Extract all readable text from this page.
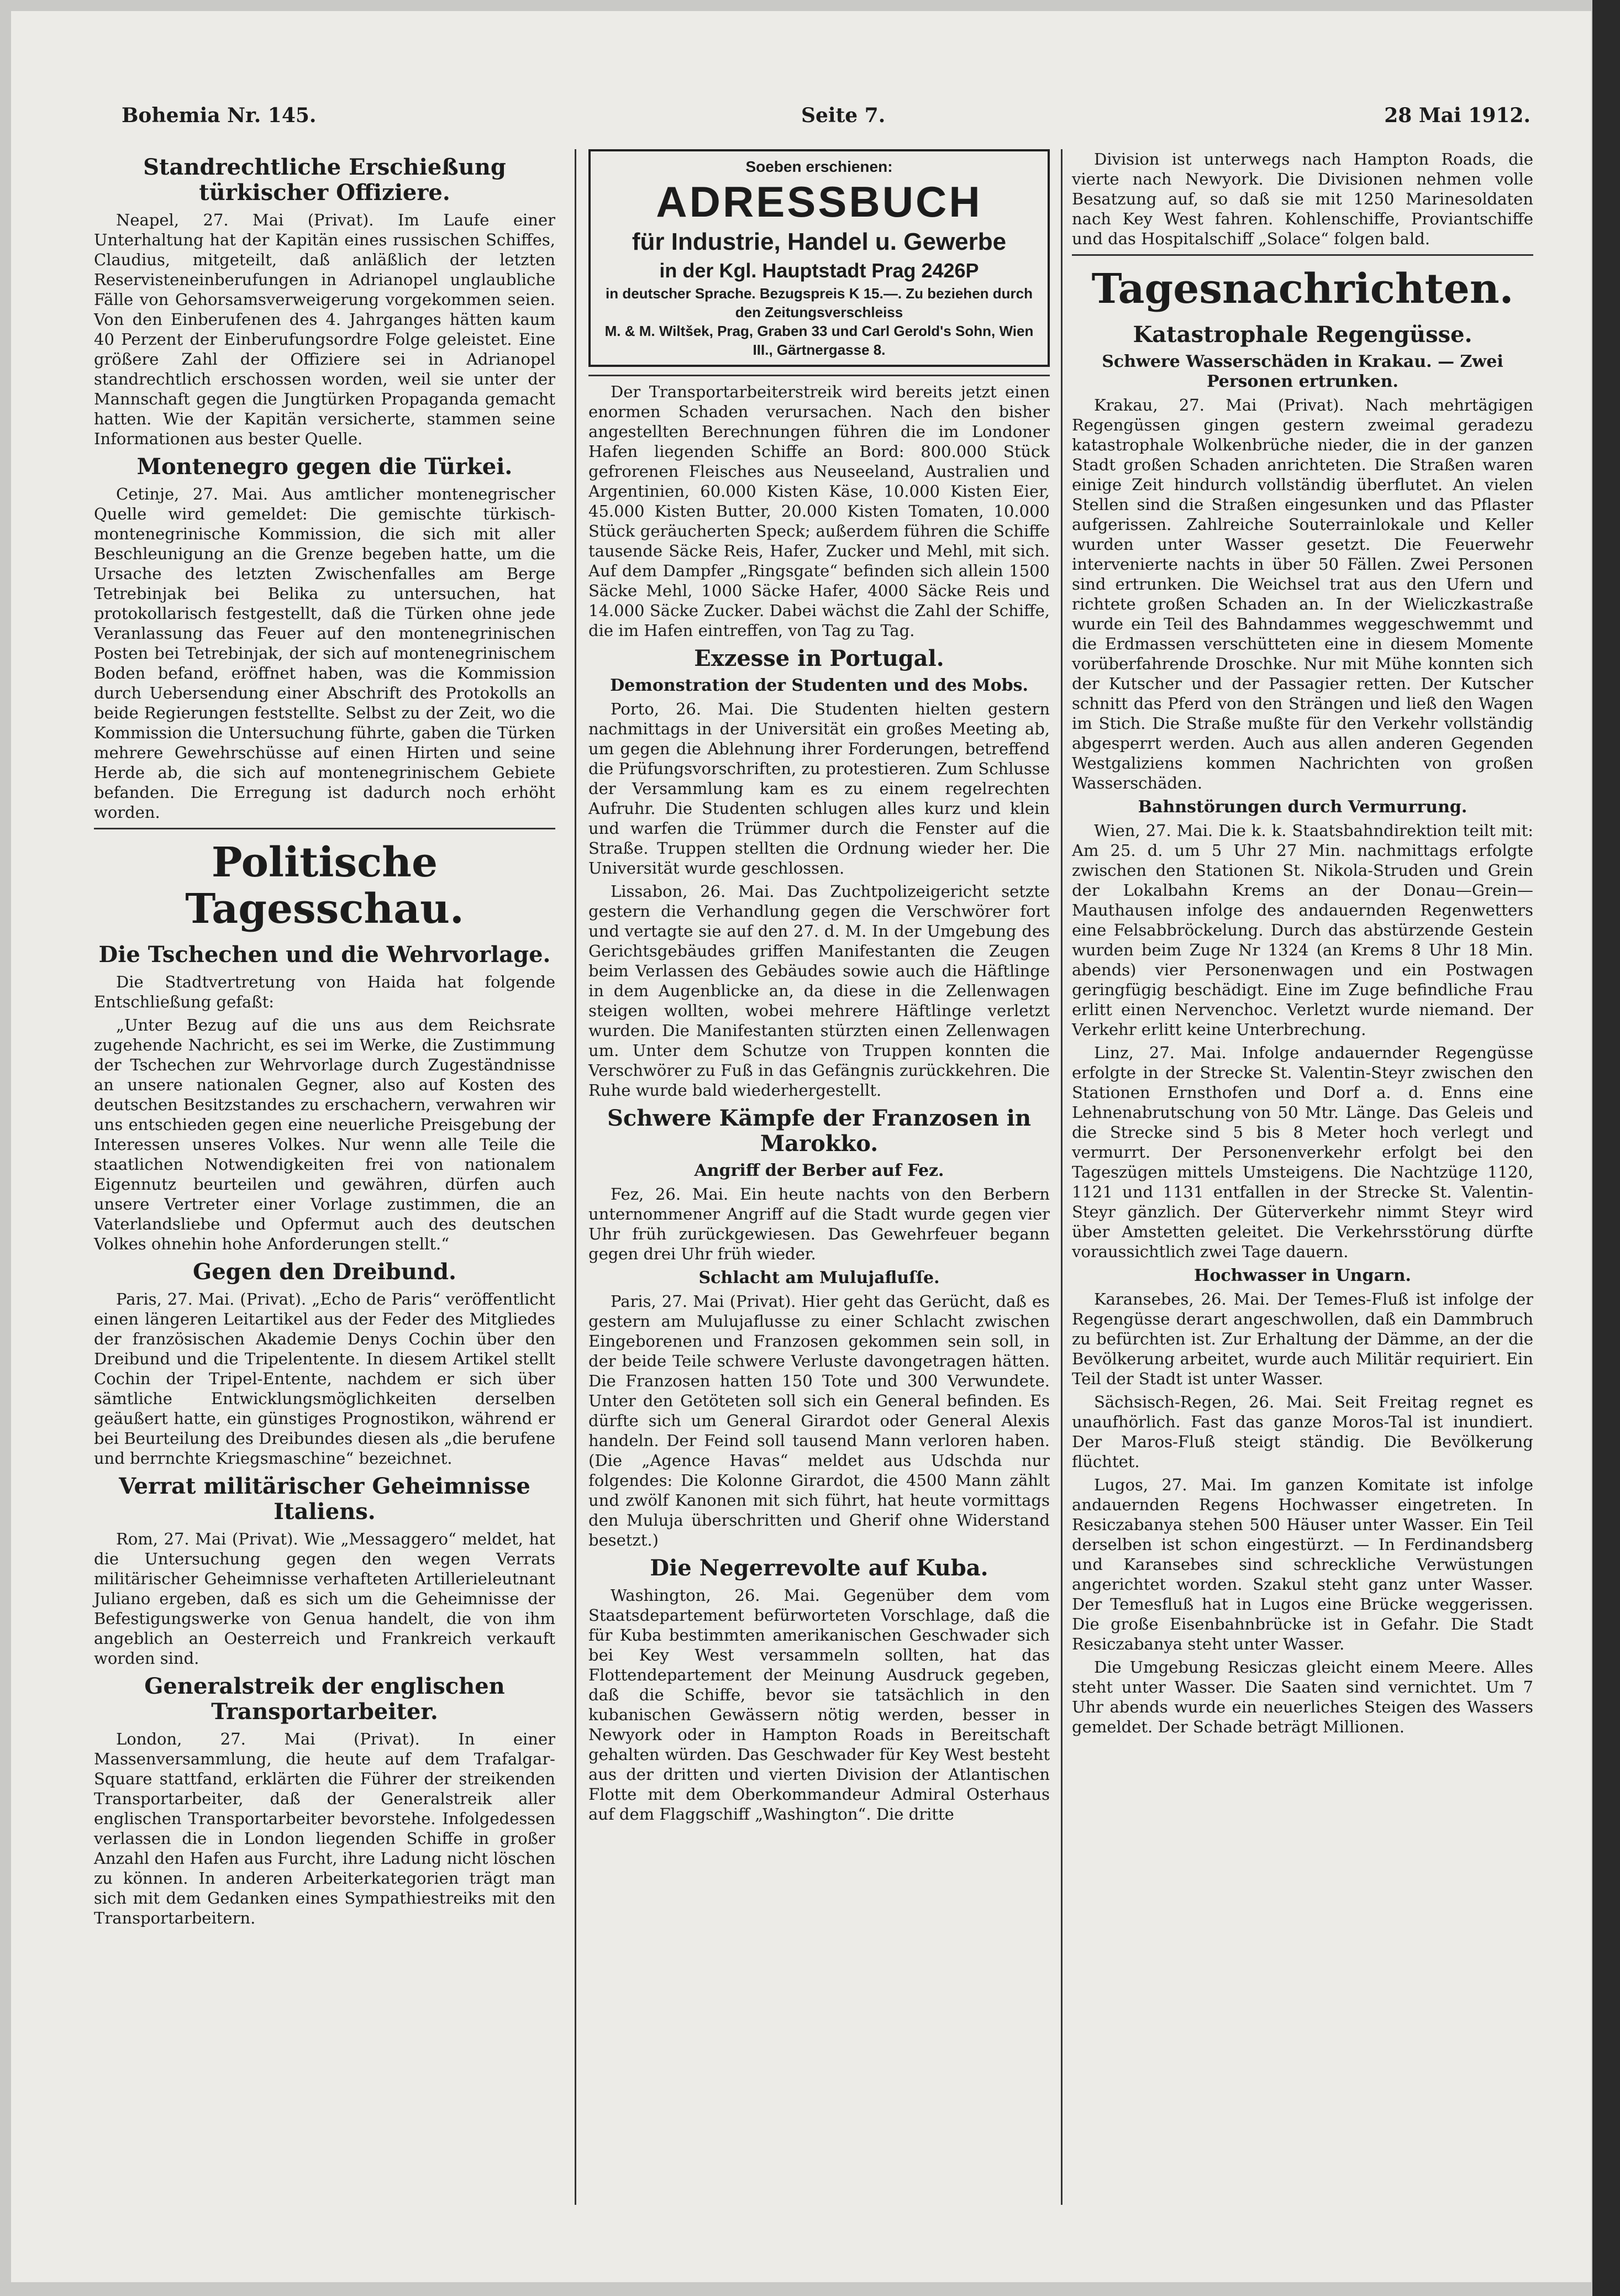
Bohemia Nr. 145.	Seite 7.	28 Mai 1912.
Standrechtliche Erschießung türkischer Offiziere.

Neapel, 27. Mai (Privat). Im Laufe einer Unterhaltung hat der Kapitän eines russischen Schiffes, Claudius, mitgeteilt, daß anläßlich der letzten Reservisteneinberufungen in Adrianopel unglaubliche Fälle von Gehorsamsverweigerung vorgekommen seien. Von den Einberufenen des 4. Jahrganges hätten kaum 40 Perzent der Einberufungsordre Folge geleistet. Eine größere Zahl der Offiziere sei in Adrianopel standrechtlich erschossen worden, weil sie unter der Mannschaft gegen die Jungtürken Propaganda gemacht hatten. Wie der Kapitän versicherte, stammen seine Informationen aus bester Quelle.

Montenegro gegen die Türkei.

Cetinje, 27. Mai. Aus amtlicher montenegrischer Quelle wird gemeldet: Die gemischte türkisch-montenegrinische Kommission, die sich mit aller Beschleunigung an die Grenze begeben hatte, um die Ursache des letzten Zwischenfalles am Berge Tetrebinjak bei Belika zu untersuchen, hat protokollarisch festgestellt, daß die Türken ohne jede Veranlassung das Feuer auf den montenegrinischen Posten bei Tetrebinjak, der sich auf montenegrinischem Boden befand, eröffnet haben, was die Kommission durch Uebersendung einer Abschrift des Protokolls an beide Regierungen feststellte. Selbst zu der Zeit, wo die Kommission die Untersuchung führte, gaben die Türken mehrere Gewehrschüsse auf einen Hirten und seine Herde ab, die sich auf montenegrinischem Gebiete befanden. Die Erregung ist dadurch noch erhöht worden.

Politische Tagesschau.
Die Tschechen und die Wehrvorlage.

Die Stadtvertretung von Haida hat folgende Entschließung gefaßt:

„Unter Bezug auf die uns aus dem Reichsrate zugehende Nachricht, es sei im Werke, die Zustimmung der Tschechen zur Wehrvorlage durch Zugeständnisse an unsere nationalen Gegner, also auf Kosten des deutschen Besitzstandes zu erschachern, verwahren wir uns entschieden gegen eine neuerliche Preisgebung der Interessen unseres Volkes. Nur wenn alle Teile die staatlichen Notwendigkeiten frei von nationalem Eigennutz beurteilen und gewähren, dürfen auch unsere Vertreter einer Vorlage zustimmen, die an Vaterlandsliebe und Opfermut auch des deutschen Volkes ohnehin hohe Anforderungen stellt.“

Gegen den Dreibund.

Paris, 27. Mai. (Privat). „Echo de Paris“ veröffentlicht einen längeren Leitartikel aus der Feder des Mitgliedes der französischen Akademie Denys Cochin über den Dreibund und die Tripelentente. In diesem Artikel stellt Cochin der Tripel-Entente, nachdem er sich über sämtliche Entwicklungsmöglichkeiten derselben geäußert hatte, ein günstiges Prognostikon, während er bei Beurteilung des Dreibundes diesen als „die berufene und berrnchte Kriegsmaschine“ bezeichnet.

Verrat militärischer Geheimnisse Italiens.

Rom, 27. Mai (Privat). Wie „Messaggero“ meldet, hat die Untersuchung gegen den wegen Verrats militärischer Geheimnisse verhafteten Artillerieleutnant Juliano ergeben, daß es sich um die Geheimnisse der Befestigungswerke von Genua handelt, die von ihm angeblich an Oesterreich und Frankreich verkauft worden sind.

Generalstreik der englischen Transportarbeiter.

London, 27. Mai (Privat). In einer Massenversammlung, die heute auf dem Trafalgar-Square stattfand, erklärten die Führer der streikenden Transportarbeiter, daß der Generalstreik aller englischen Transportarbeiter bevorstehe. Infolgedessen verlassen die in London liegenden Schiffe in großer Anzahl den Hafen aus Furcht, ihre Ladung nicht löschen zu können. In anderen Arbeiterkategorien trägt man sich mit dem Gedanken eines Sympathiestreiks mit den Transportarbeitern.

Soeben erschienen:
ADRESSBUCH
für Industrie, Handel u. Gewerbe
in der Kgl. Hauptstadt Prag 2426P
in deutscher Sprache. Bezugspreis K 15.—. Zu beziehen durch den Zeitungsverschleiss
M. & M. Wiltšek, Prag, Graben 33 und Carl Gerold's Sohn, Wien III., Gärtnergasse 8.

Der Transportarbeiterstreik wird bereits jetzt einen enormen Schaden verursachen. Nach den bisher angestellten Berechnungen führen die im Londoner Hafen liegenden Schiffe an Bord: 800.000 Stück gefrorenen Fleisches aus Neuseeland, Australien und Argentinien, 60.000 Kisten Käse, 10.000 Kisten Eier, 45.000 Kisten Butter, 20.000 Kisten Tomaten, 10.000 Stück geräucherten Speck; außerdem führen die Schiffe tausende Säcke Reis, Hafer, Zucker und Mehl, mit sich. Auf dem Dampfer „Ringsgate“ befinden sich allein 1500 Säcke Mehl, 1000 Säcke Hafer, 4000 Säcke Reis und 14.000 Säcke Zucker. Dabei wächst die Zahl der Schiffe, die im Hafen eintreffen, von Tag zu Tag.

Exzesse in Portugal.
Demonstration der Studenten und des Mobs.

Porto, 26. Mai. Die Studenten hielten gestern nachmittags in der Universität ein großes Meeting ab, um gegen die Ablehnung ihrer Forderungen, betreffend die Prüfungsvorschriften, zu protestieren. Zum Schlusse der Versammlung kam es zu einem regelrechten Aufruhr. Die Studenten schlugen alles kurz und klein und warfen die Trümmer durch die Fenster auf die Straße. Truppen stellten die Ordnung wieder her. Die Universität wurde geschlossen.

Lissabon, 26. Mai. Das Zuchtpolizeigericht setzte gestern die Verhandlung gegen die Verschwörer fort und vertagte sie auf den 27. d. M. In der Umgebung des Gerichtsgebäudes griffen Manifestanten die Zeugen beim Verlassen des Gebäudes sowie auch die Häftlinge in dem Augenblicke an, da diese in die Zellenwagen steigen wollten, wobei mehrere Häftlinge verletzt wurden. Die Manifestanten stürzten einen Zellenwagen um. Unter dem Schutze von Truppen konnten die Verschwörer zu Fuß in das Gefängnis zurückkehren. Die Ruhe wurde bald wiederhergestellt.

Schwere Kämpfe der Franzosen in Marokko.
Angriff der Berber auf Fez.

Fez, 26. Mai. Ein heute nachts von den Berbern unternommener Angriff auf die Stadt wurde gegen vier Uhr früh zurückgewiesen. Das Gewehrfeuer begann gegen drei Uhr früh wieder.

Schlacht am Mulujafluſſe.

Paris, 27. Mai (Privat). Hier geht das Gerücht, daß es gestern am Mulujaflusse zu einer Schlacht zwischen Eingeborenen und Franzosen gekommen sein soll, in der beide Teile schwere Verluste davongetragen hätten. Die Franzosen hatten 150 Tote und 300 Verwundete. Unter den Getöteten soll sich ein General befinden. Es dürfte sich um General Girardot oder General Alexis handeln. Der Feind soll tausend Mann verloren haben. (Die „Agence Havas“ meldet aus Udschda nur folgendes: Die Kolonne Girardot, die 4500 Mann zählt und zwölf Kanonen mit sich führt, hat heute vormittags den Muluja überschritten und Gherif ohne Widerstand besetzt.)

Die Negerrevolte auf Kuba.

Washington, 26. Mai. Gegenüber dem vom Staatsdepartement befürworteten Vorschlage, daß die für Kuba bestimmten amerikanischen Geschwader sich bei Key West versammeln sollten, hat das Flottendepartement der Meinung Ausdruck gegeben, daß die Schiffe, bevor sie tatsächlich in den kubanischen Gewässern nötig werden, besser in Newyork oder in Hampton Roads in Bereitschaft gehalten würden. Das Geschwader für Key West besteht aus der dritten und vierten Division der Atlantischen Flotte mit dem Oberkommandeur Admiral Osterhaus auf dem Flaggschiff „Washington“. Die dritte

Division ist unterwegs nach Hampton Roads, die vierte nach Newyork. Die Divisionen nehmen volle Besatzung auf, so daß sie mit 1250 Marinesoldaten nach Key West fahren. Kohlenschiffe, Proviantschiffe und das Hospitalschiff „Solace“ folgen bald.

Tagesnachrichten.
Katastrophale Regengüsse.
Schwere Wasserschäden in Krakau. — Zwei Personen ertrunken.

Krakau, 27. Mai (Privat). Nach mehrtägigen Regengüssen gingen gestern zweimal geradezu katastrophale Wolkenbrüche nieder, die in der ganzen Stadt großen Schaden anrichteten. Die Straßen waren einige Zeit hindurch vollständig überflutet. An vielen Stellen sind die Straßen eingesunken und das Pflaster aufgerissen. Zahlreiche Souterrainlokale und Keller wurden unter Wasser gesetzt. Die Feuerwehr intervenierte nachts in über 50 Fällen. Zwei Personen sind ertrunken. Die Weichsel trat aus den Ufern und richtete großen Schaden an. In der Wieliczkastraße wurde ein Teil des Bahndammes weggeschwemmt und die Erdmassen verschütteten eine in diesem Momente vorüberfahrende Droschke. Nur mit Mühe konnten sich der Kutscher und der Passagier retten. Der Kutscher schnitt das Pferd von den Strängen und ließ den Wagen im Stich. Die Straße mußte für den Verkehr vollständig abgesperrt werden. Auch aus allen anderen Gegenden Westgaliziens kommen Nachrichten von großen Wasserschäden.

Bahnstörungen durch Vermurrung.

Wien, 27. Mai. Die k. k. Staatsbahndirektion teilt mit: Am 25. d. um 5 Uhr 27 Min. nachmittags erfolgte zwischen den Stationen St. Nikola-Struden und Grein der Lokalbahn Krems an der Donau—Grein—Mauthausen infolge des andauernden Regenwetters eine Felsabbröckelung. Durch das abstürzende Gestein wurden beim Zuge Nr 1324 (an Krems 8 Uhr 18 Min. abends) vier Personenwagen und ein Postwagen geringfügig beschädigt. Eine im Zuge befindliche Frau erlitt einen Nervenchoc. Verletzt wurde niemand. Der Verkehr erlitt keine Unterbrechung.

Linz, 27. Mai. Infolge andauernder Regengüsse erfolgte in der Strecke St. Valentin-Steyr zwischen den Stationen Ernsthofen und Dorf a. d. Enns eine Lehnenabrutschung von 50 Mtr. Länge. Das Geleis und die Strecke sind 5 bis 8 Meter hoch verlegt und vermurrt. Der Personenverkehr erfolgt bei den Tageszügen mittels Umsteigens. Die Nachtzüge 1120, 1121 und 1131 entfallen in der Strecke St. Valentin-Steyr gänzlich. Der Güterverkehr nimmt Steyr wird über Amstetten geleitet. Die Verkehrsstörung dürfte voraussichtlich zwei Tage dauern.

Hochwasser in Ungarn.

Karansebes, 26. Mai. Der Temes-Fluß ist infolge der Regengüsse derart angeschwollen, daß ein Dammbruch zu befürchten ist. Zur Erhaltung der Dämme, an der die Bevölkerung arbeitet, wurde auch Militär requiriert. Ein Teil der Stadt ist unter Wasser.

Sächsisch-Regen, 26. Mai. Seit Freitag regnet es unaufhörlich. Fast das ganze Moros-Tal ist inundiert. Der Maros-Fluß steigt ständig. Die Bevölkerung flüchtet.

Lugos, 27. Mai. Im ganzen Komitate ist infolge andauernden Regens Hochwasser eingetreten. In Resiczabanya stehen 500 Häuser unter Wasser. Ein Teil derselben ist schon eingestürzt. — In Ferdinandsberg und Karansebes sind schreckliche Verwüstungen angerichtet worden. Szakul steht ganz unter Wasser. Der Temesfluß hat in Lugos eine Brücke weggerissen. Die große Eisenbahnbrücke ist in Gefahr. Die Stadt Resiczabanya steht unter Wasser.

Die Umgebung Resiczas gleicht einem Meere. Alles steht unter Wasser. Die Saaten sind vernichtet. Um 7 Uhr abends wurde ein neuerliches Steigen des Wassers gemeldet. Der Schade beträgt Millionen.
